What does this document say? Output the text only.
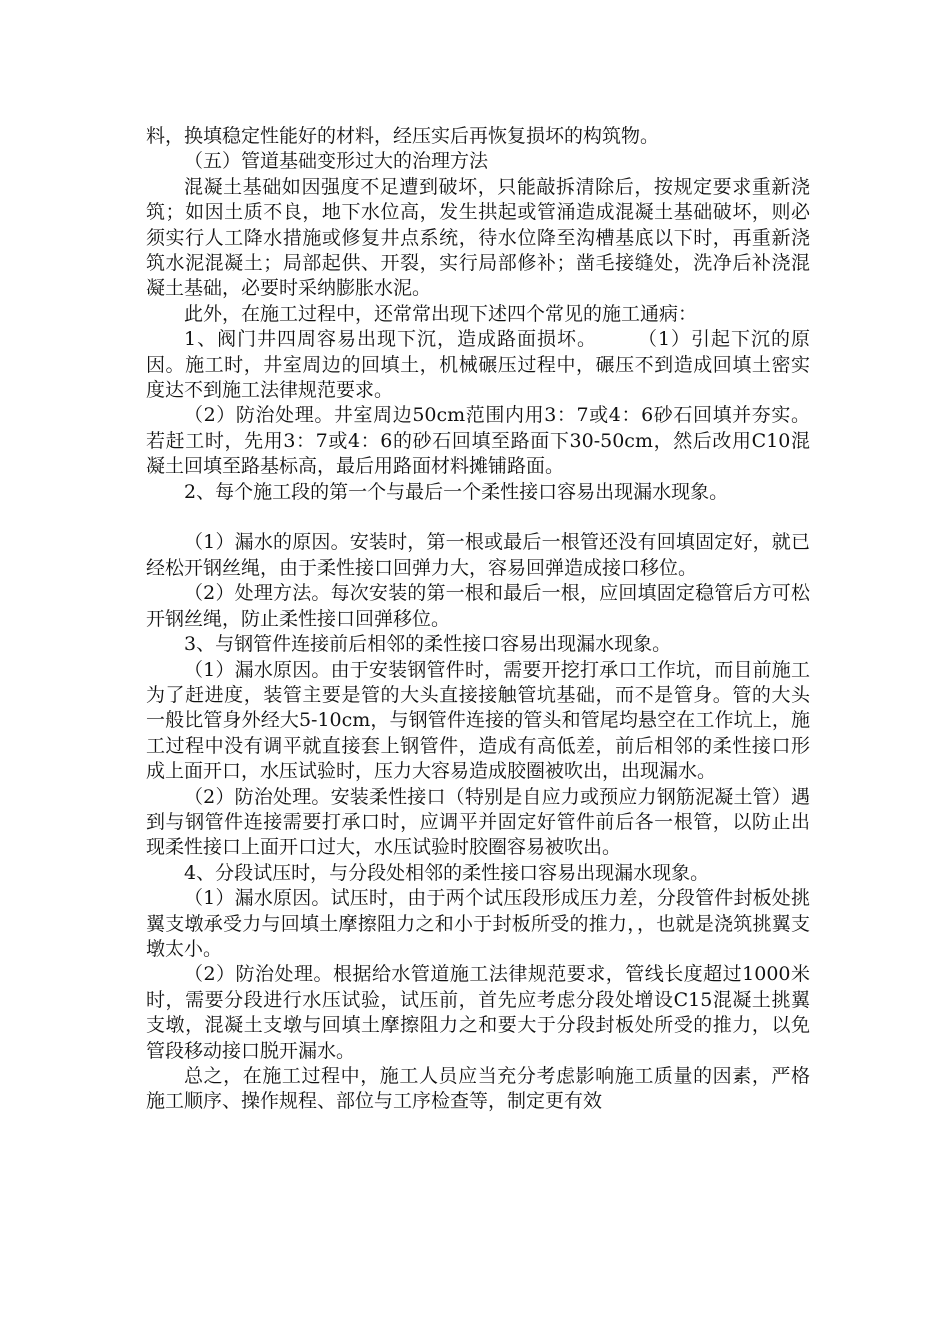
料，换填稳定性能好的材料，经压实后再恢复损坏的构筑物。

（五）管道基础变形过大的治理方法

混凝土基础如因强度不足遭到破坏，只能敲拆清除后，按规定要求重新浇筑；如因土质不良，地下水位高，发生拱起或管涌造成混凝土基础破坏，则必须实行人工降水措施或修复井点系统，待水位降至沟槽基底以下时，再重新浇筑水泥混凝土；局部起供、开裂，实行局部修补；凿毛接缝处，洗净后补浇混凝土基础，必要时采纳膨胀水泥。

此外，在施工过程中，还常常出现下述四个常见的施工通病：

1、阀门井四周容易出现下沉，造成路面损坏。　　　（1）引起下沉的原因。施工时，井室周边的回填土，机械碾压过程中，碾压不到造成回填土密实度达不到施工法律规范要求。

（2）防治处理。井室周边50cm范围内用3：7或4：6砂石回填并夯实。若赶工时，先用3：7或4：6的砂石回填至路面下30-50cm，然后改用C10混凝土回填至路基标高，最后用路面材料摊铺路面。

2、每个施工段的第一个与最后一个柔性接口容易出现漏水现象。

（1）漏水的原因。安装时，第一根或最后一根管还没有回填固定好，就已经松开钢丝绳，由于柔性接口回弹力大，容易回弹造成接口移位。

（2）处理方法。每次安装的第一根和最后一根，应回填固定稳管后方可松开钢丝绳，防止柔性接口回弹移位。

3、与钢管件连接前后相邻的柔性接口容易出现漏水现象。

（1）漏水原因。由于安装钢管件时，需要开挖打承口工作坑，而目前施工为了赶进度，装管主要是管的大头直接接触管坑基础，而不是管身。管的大头一般比管身外经大5-10cm，与钢管件连接的管头和管尾均悬空在工作坑上，施工过程中没有调平就直接套上钢管件，造成有高低差，前后相邻的柔性接口形成上面开口，水压试验时，压力大容易造成胶圈被吹出，出现漏水。

（2）防治处理。安装柔性接口（特别是自应力或预应力钢筋泥凝土管）遇到与钢管件连接需要打承口时，应调平并固定好管件前后各一根管，以防止出现柔性接口上面开口过大，水压试验时胶圈容易被吹出。

4、分段试压时，与分段处相邻的柔性接口容易出现漏水现象。

（1）漏水原因。试压时，由于两个试压段形成压力差，分段管件封板处挑翼支墩承受力与回填土摩擦阻力之和小于封板所受的推力，，也就是浇筑挑翼支墩太小。

（2）防治处理。根据给水管道施工法律规范要求，管线长度超过1000米时，需要分段进行水压试验，试压前，首先应考虑分段处增设C15混凝土挑翼支墩，混凝土支墩与回填土摩擦阻力之和要大于分段封板处所受的推力，以免管段移动接口脱开漏水。

总之，在施工过程中，施工人员应当充分考虑影响施工质量的因素，严格施工顺序、操作规程、部位与工序检查等，制定更有效
